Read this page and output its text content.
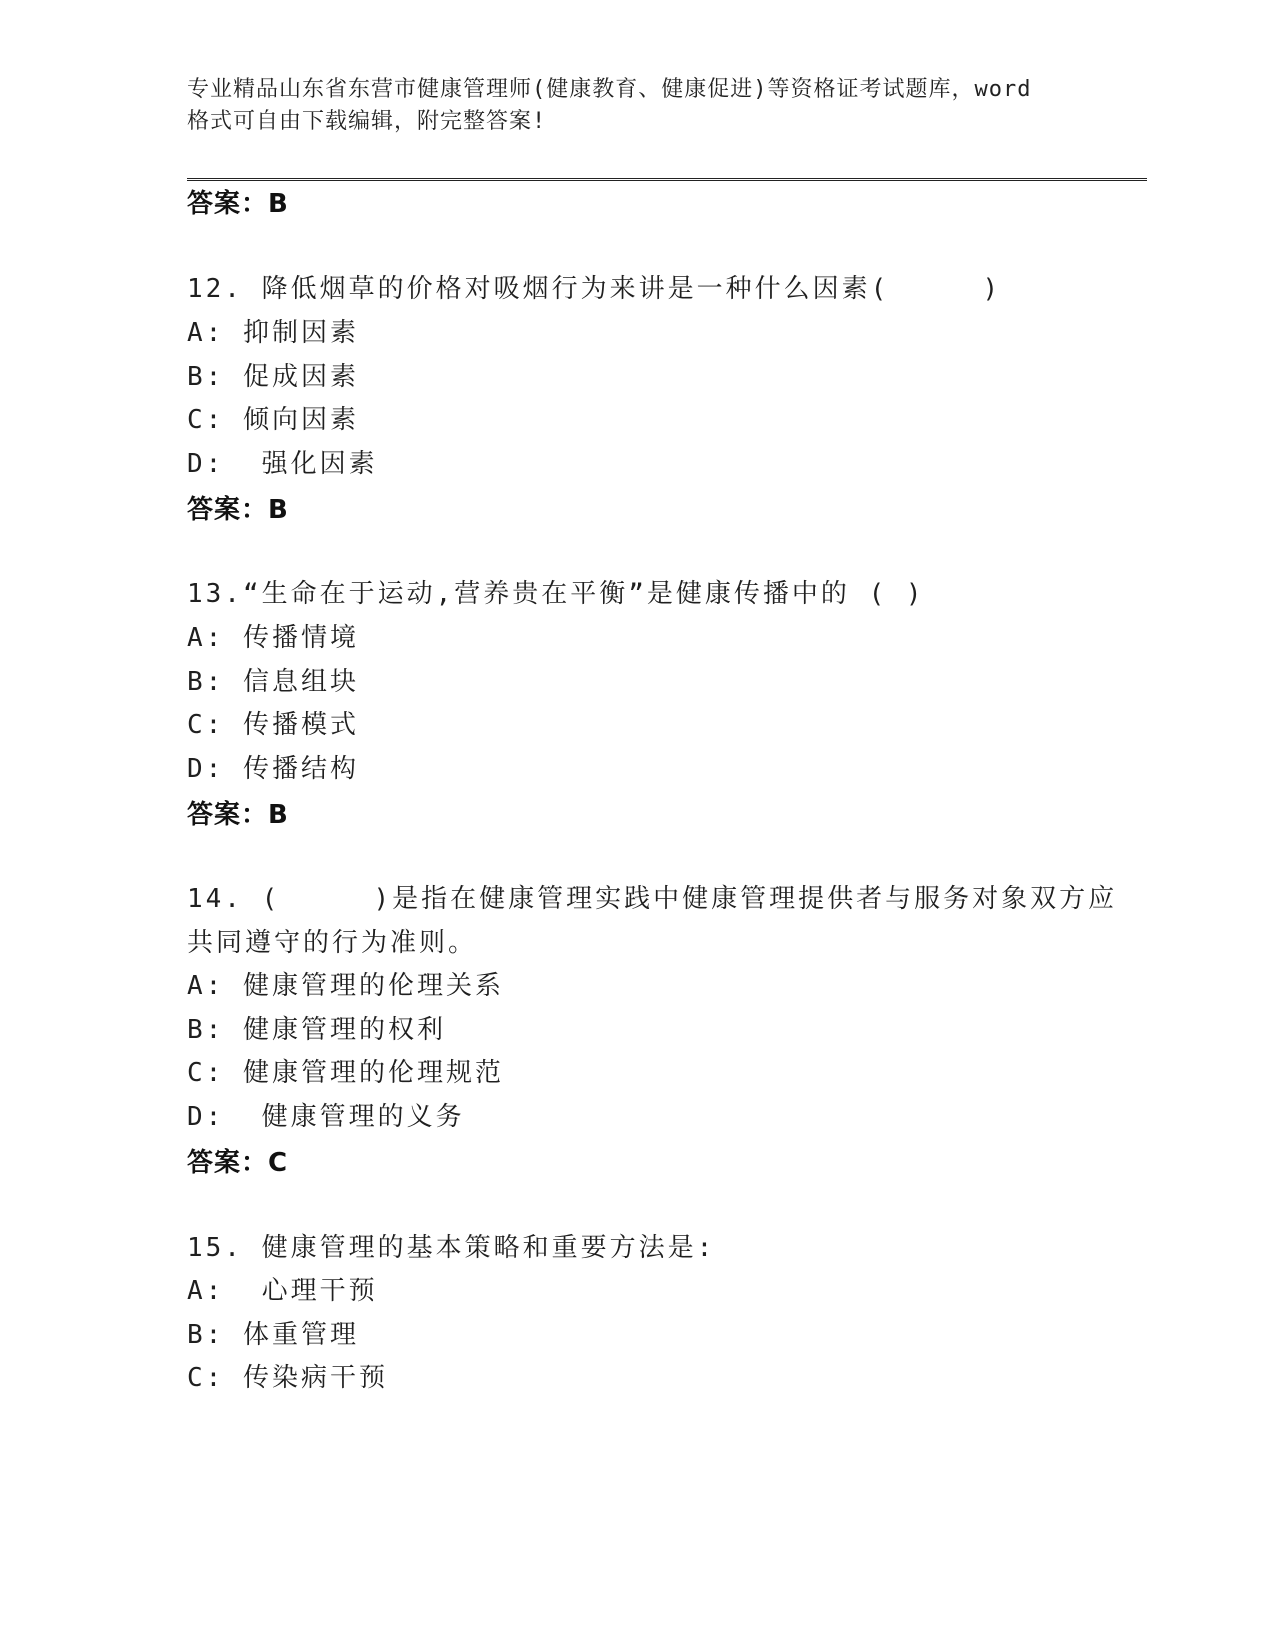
专业精品山东省东营市健康管理师(健康教育、健康促进)等资格证考试题库，word
格式可自由下载编辑，附完整答案!
答案：B
12. 降低烟草的价格对吸烟行为来讲是一种什么因素(     )
A: 抑制因素
B: 促成因素
C: 倾向因素
D:  强化因素
答案：B
13.“生命在于运动,营养贵在平衡”是健康传播中的 ( )
A: 传播情境
B: 信息组块
C: 传播模式
D: 传播结构
答案：B
14. (     )是指在健康管理实践中健康管理提供者与服务对象双方应
共同遵守的行为准则。
A: 健康管理的伦理关系
B: 健康管理的权利
C: 健康管理的伦理规范
D:  健康管理的义务
答案：C
15. 健康管理的基本策略和重要方法是:
A:  心理干预
B: 体重管理
C: 传染病干预
